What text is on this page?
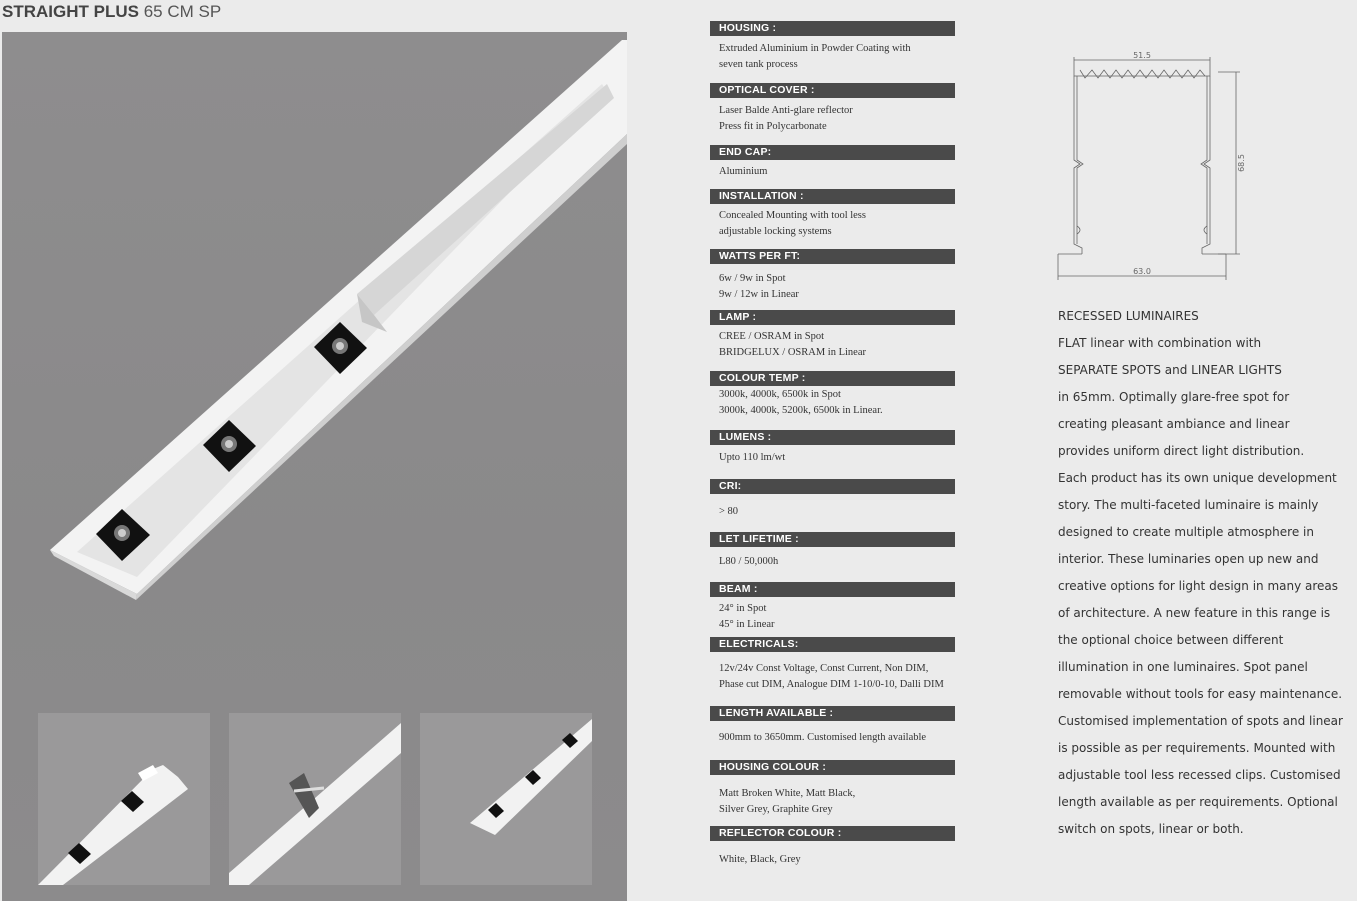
STRAIGHT PLUS 65 CM SP
HOUSING :
Extruded Aluminium in Powder Coating with
seven tank process
OPTICAL COVER :
Laser Balde Anti-glare reflector
Press fit in Polycarbonate
END CAP:
Aluminium
INSTALLATION :
Concealed Mounting with tool less
adjustable locking systems
WATTS PER FT:
6w / 9w in Spot
9w / 12w in Linear
LAMP :
CREE / OSRAM in Spot
BRIDGELUX / OSRAM in Linear
COLOUR TEMP :
3000k, 4000k, 6500k in Spot
3000k, 4000k, 5200k, 6500k in Linear.
LUMENS :
Upto 110 lm/wt
CRI:
> 80
LET LIFETIME :
L80 / 50,000h
BEAM :
24° in Spot
45° in Linear
ELECTRICALS:
12v/24v Const Voltage, Const Current, Non DIM,
Phase cut DIM, Analogue DIM 1-10/0-10, Dalli DIM
LENGTH AVAILABLE :
900mm to 3650mm. Customised length available
HOUSING COLOUR :
Matt Broken White, Matt Black,
Silver Grey, Graphite Grey
REFLECTOR COLOUR :
White, Black, Grey
51.5
63.0
68.5
RECESSED LUMINAIRES
FLAT linear with combination with
SEPARATE SPOTS and LINEAR LIGHTS
in 65mm. Optimally glare-free spot for
creating pleasant ambiance and linear
provides uniform direct light distribution.
Each product has its own unique development
story. The multi-faceted luminaire is mainly
designed to create multiple atmosphere in
interior. These luminaries open up new and
creative options for light design in many areas
of architecture. A new feature in this range is
the optional choice between different
illumination in one luminaires. Spot panel
removable without tools for easy maintenance.
Customised implementation of spots and linear
is possible as per requirements. Mounted with
adjustable tool less recessed clips. Customised
length available as per requirements. Optional
switch on spots, linear or both.
